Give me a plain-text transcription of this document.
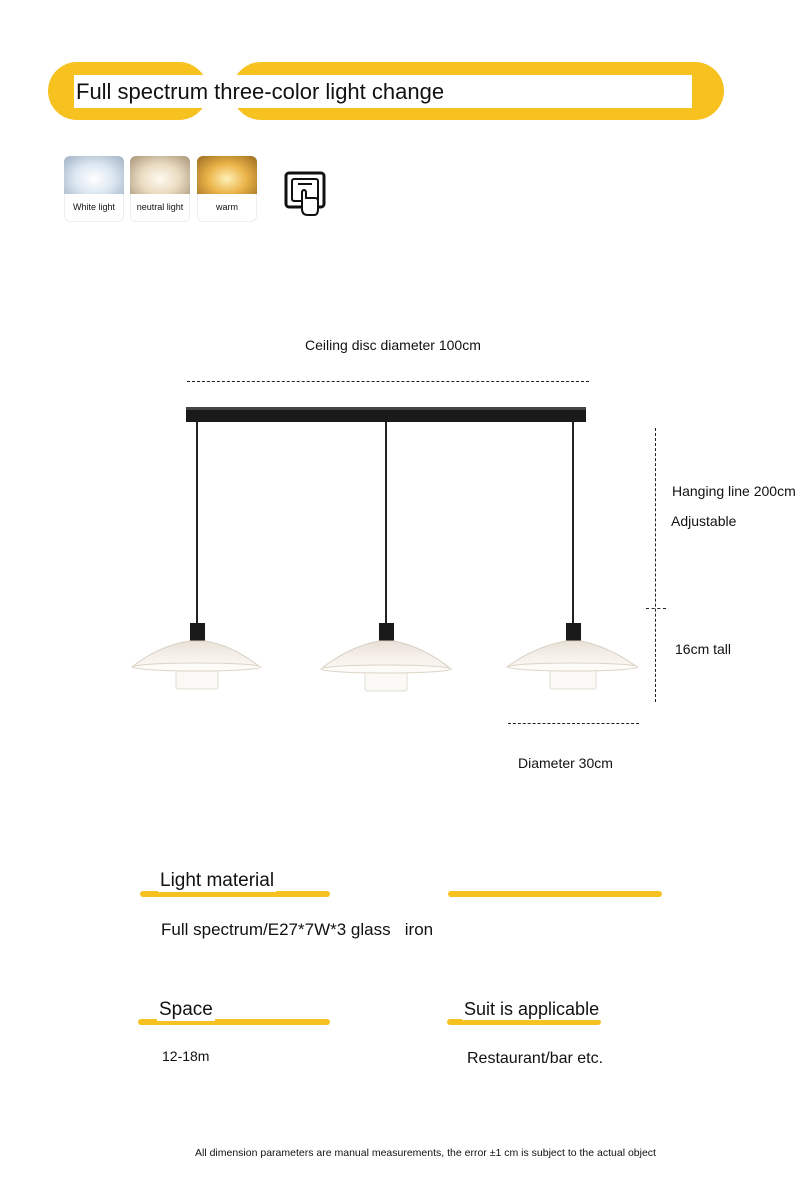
Full spectrum three-color light change
White light	neutral light	warm
Ceiling disc diameter 100cm
Hanging line 200cm
Adjustable
16cm tall
Diameter 30cm
Light material
Full spectrum/E27*7W*3 glass   iron
Space
12-18m
Suit is applicable
Restaurant/bar etc.
All dimension parameters are manual measurements, the error ±1 cm is subject to the actual object
